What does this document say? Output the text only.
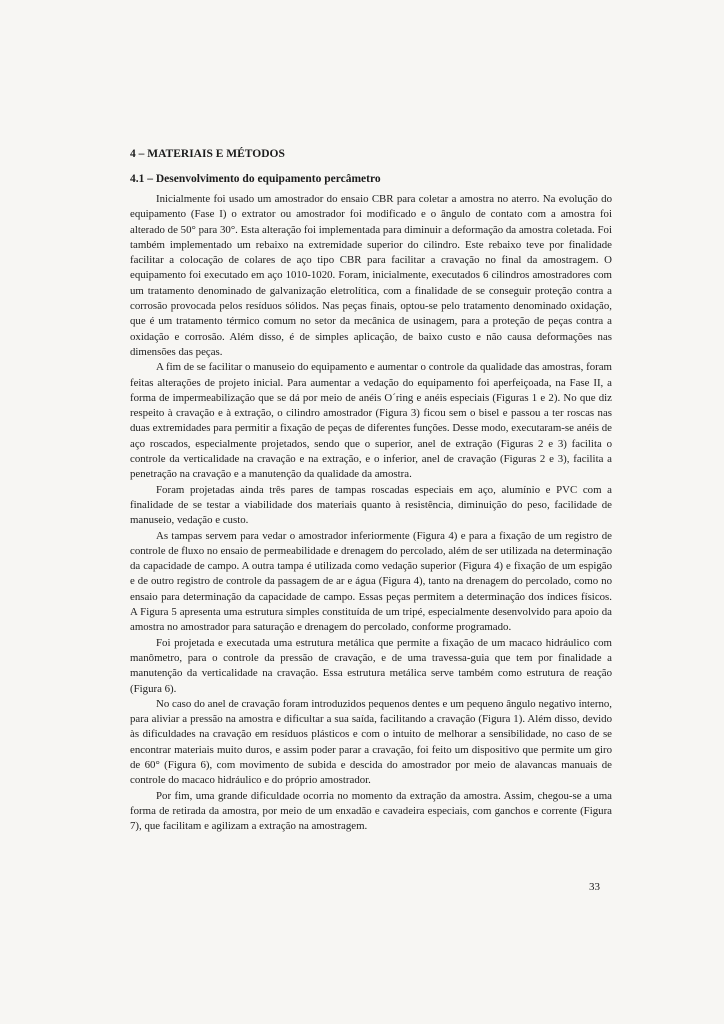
4 – MATERIAIS E MÉTODOS

4.1 – Desenvolvimento do equipamento percâmetro

Inicialmente foi usado um amostrador do ensaio CBR para coletar a amostra no aterro. Na evolução do equipamento (Fase I) o extrator ou amostrador foi modificado e o ângulo de contato com a amostra foi alterado de 50° para 30°. Esta alteração foi implementada para diminuir a deformação da amostra coletada. Foi também implementado um rebaixo na extremidade superior do cilindro. Este rebaixo teve por finalidade facilitar a colocação de colares de aço tipo CBR para facilitar a cravação no final da amostragem. O equipamento foi executado em aço 1010-1020. Foram, inicialmente, executados 6 cilindros amostradores com um tratamento denominado de galvanização eletrolítica, com a finalidade de se conseguir proteção contra a corrosão provocada pelos resíduos sólidos. Nas peças finais, optou-se pelo tratamento denominado oxidação, que é um tratamento térmico comum no setor da mecânica de usinagem, para a proteção de peças contra a oxidação e corrosão. Além disso, é de simples aplicação, de baixo custo e não causa deformações nas dimensões das peças.

A fim de se facilitar o manuseio do equipamento e aumentar o controle da qualidade das amostras, foram feitas alterações de projeto inicial. Para aumentar a vedação do equipamento foi aperfeiçoada, na Fase II, a forma de impermeabilização que se dá por meio de anéis O´ring e anéis especiais (Figuras 1 e 2). No que diz respeito à cravação e à extração, o cilindro amostrador (Figura 3) ficou sem o bisel e passou a ter roscas nas duas extremidades para permitir a fixação de peças de diferentes funções. Desse modo, executaram-se anéis de aço roscados, especialmente projetados, sendo que o superior, anel de extração (Figuras 2 e 3) facilita o controle da verticalidade na cravação e na extração, e o inferior, anel de cravação (Figuras 2 e 3), facilita a penetração na cravação e a manutenção da qualidade da amostra.

Foram projetadas ainda três pares de tampas roscadas especiais em aço, alumínio e PVC com a finalidade de se testar a viabilidade dos materiais quanto à resistência, diminuição do peso, facilidade de manuseio, vedação e custo.

As tampas servem para vedar o amostrador inferiormente (Figura 4) e para a fixação de um registro de controle de fluxo no ensaio de permeabilidade e drenagem do percolado, além de ser utilizada na determinação da capacidade de campo. A outra tampa é utilizada como vedação superior (Figura 4) e fixação de um espigão e de outro registro de controle da passagem de ar e água (Figura 4), tanto na drenagem do percolado, como no ensaio para determinação da capacidade de campo. Essas peças permitem a determinação dos índices físicos. A Figura 5 apresenta uma estrutura simples constituída de um tripé, especialmente desenvolvido para apoio da amostra no amostrador para saturação e drenagem do percolado, conforme programado.

Foi projetada e executada uma estrutura metálica que permite a fixação de um macaco hidráulico com manômetro, para o controle da pressão de cravação, e de uma travessa-guia que tem por finalidade a manutenção da verticalidade na cravação. Essa estrutura metálica serve também como estrutura de reação (Figura 6).

No caso do anel de cravação foram introduzidos pequenos dentes e um pequeno ângulo negativo interno, para aliviar a pressão na amostra e dificultar a sua saída, facilitando a cravação (Figura 1). Além disso, devido às dificuldades na cravação em resíduos plásticos e com o intuito de melhorar a sensibilidade, no caso de se encontrar materiais muito duros, e assim poder parar a cravação, foi feito um dispositivo que permite um giro de 60° (Figura 6), com movimento de subida e descida do amostrador por meio de alavancas manuais de controle do macaco hidráulico e do próprio amostrador.

Por fim, uma grande dificuldade ocorria no momento da extração da amostra. Assim, chegou-se a uma forma de retirada da amostra, por meio de um enxadão e cavadeira especiais, com ganchos e corrente (Figura 7), que facilitam e agilizam a extração na amostragem.

33
